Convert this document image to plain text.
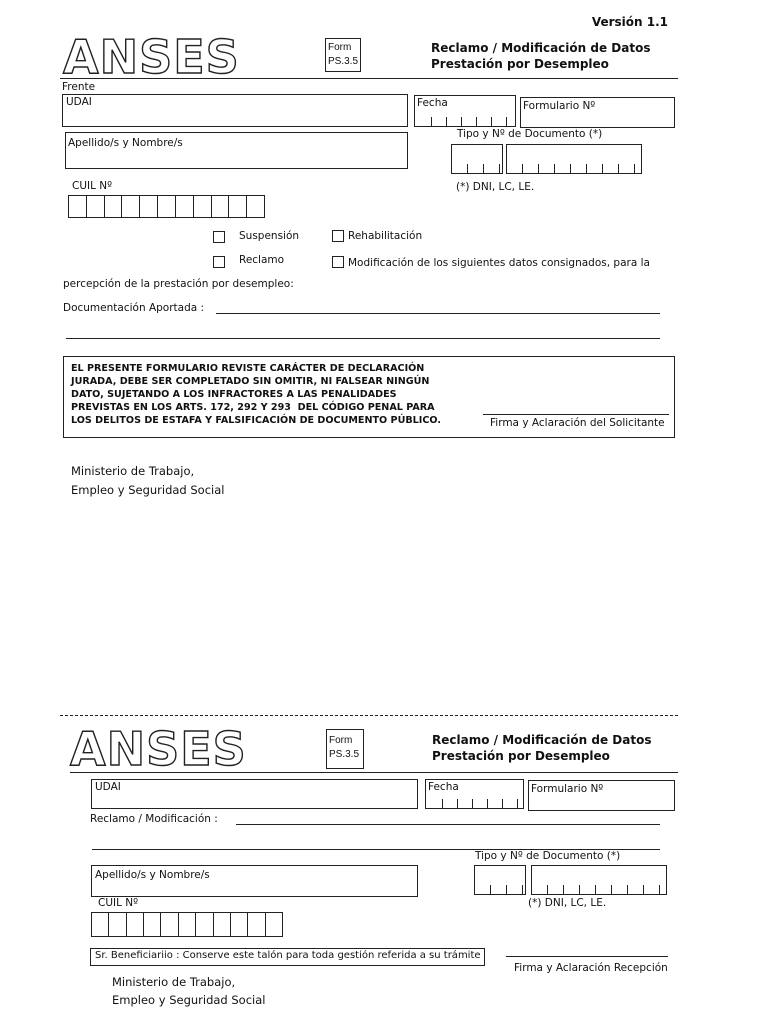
Versión 1.1
ANSES	Form
PS.3.5
Reclamo / Modificación de Datos
Prestación por Desempleo
Frente
UDAI	Fecha	Formulario Nº
Apellido/s y Nombre/s
Tipo y Nº de Documento (*)
CUIL Nº	(*) DNI, LC, LE.
Suspensión	Rehabilitación
Reclamo	Modificación de los siguientes datos consignados, para la
percepción de la prestación por desempleo:
Documentación Aportada :
EL PRESENTE FORMULARIO REVISTE CARÁCTER DE DECLARACIÓN
JURADA, DEBE SER COMPLETADO SIN OMITIR, NI FALSEAR NINGÚN
DATO, SUJETANDO A LOS INFRACTORES A LAS PENALIDADES
PREVISTAS EN LOS ARTS. 172, 292 Y 293  DEL CÓDIGO PENAL PARA
LOS DELITOS DE ESTAFA Y FALSIFICACIÓN DE DOCUMENTO PÚBLICO.	Firma y Aclaración del Solicitante
Ministerio de Trabajo,
Empleo y Seguridad Social
ANSES	Form
PS.3.5
Reclamo / Modificación de Datos
Prestación por Desempleo
UDAI	Fecha	Formulario Nº
Reclamo / Modificación :
Tipo y Nº de Documento (*)
Apellido/s y Nombre/s
CUIL Nº	(*) DNI, LC, LE.
Sr. Beneficiariio : Conserve este talón para toda gestión referida a su trámite
Firma y Aclaración Recepción
Ministerio de Trabajo,
Empleo y Seguridad Social
